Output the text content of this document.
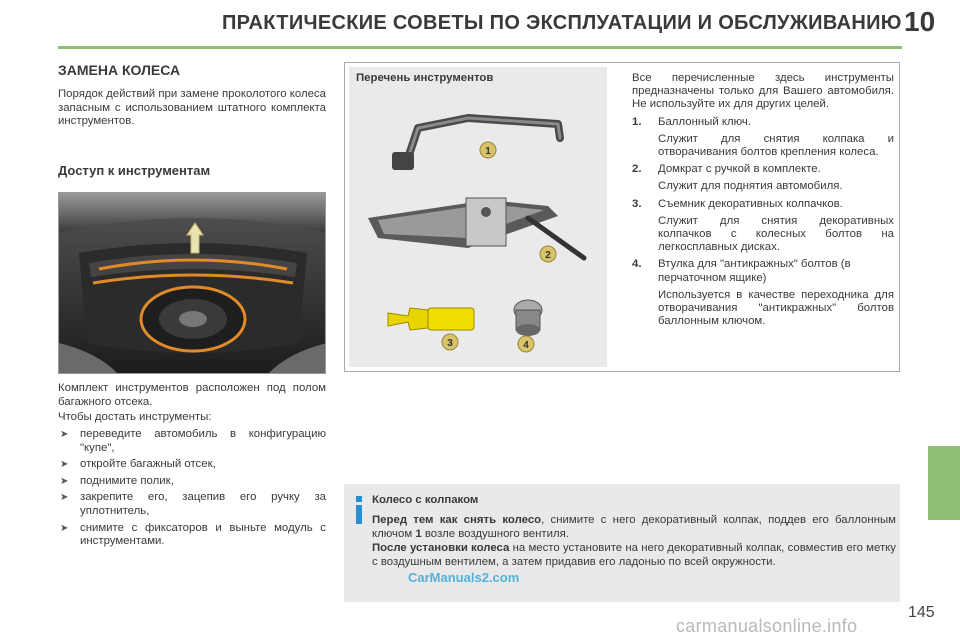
ПРАКТИЧЕСКИЕ СОВЕТЫ ПО ЭКСПЛУАТАЦИИ И ОБСЛУЖИВАНИЮ 10
ЗАМЕНА КОЛЕСА
Порядок действий при замене проколотого колеса запасным с использованием штатного комплекта инструментов.
Доступ к инструментам
Комплект инструментов расположен под полом багажного отсека.
Чтобы достать инструменты:
➤ переведите автомобиль в конфигурацию "купе",
➤ откройте багажный отсек,
➤ поднимите полик,
➤ закрепите его, зацепив его ручку за уплотнитель,
➤ снимите с фиксаторов и выньте модуль с инструментами.
Перечень инструментов
1
2
3	4
Все перечисленные здесь инструменты предназначены только для Вашего автомобиля. Не используйте их для других целей.
1. Баллонный ключ.
Служит для снятия колпака и отворачивания болтов крепления колеса.
2. Домкрат с ручкой в комплекте.
Служит для поднятия автомобиля.
3. Съемник декоративных колпачков.
Служит для снятия декоративных колпачков с колесных болтов на легкосплавных дисках.
4. Втулка для "антикражных" болтов (в перчаточном ящике)
Используется в качестве переходника для отворачивания "антикражных" болтов баллонным ключом.
Колесо с колпаком
Перед тем как снять колесо, снимите с него декоративный колпак, поддев его баллонным ключом 1 возле воздушного вентиля.
После установки колеса на место установите на него декоративный колпак, совместив его метку с воздушным вентилем, а затем придавив его ладонью по всей окружности.
CarManuals2.com
145
carmanualsonline.info
